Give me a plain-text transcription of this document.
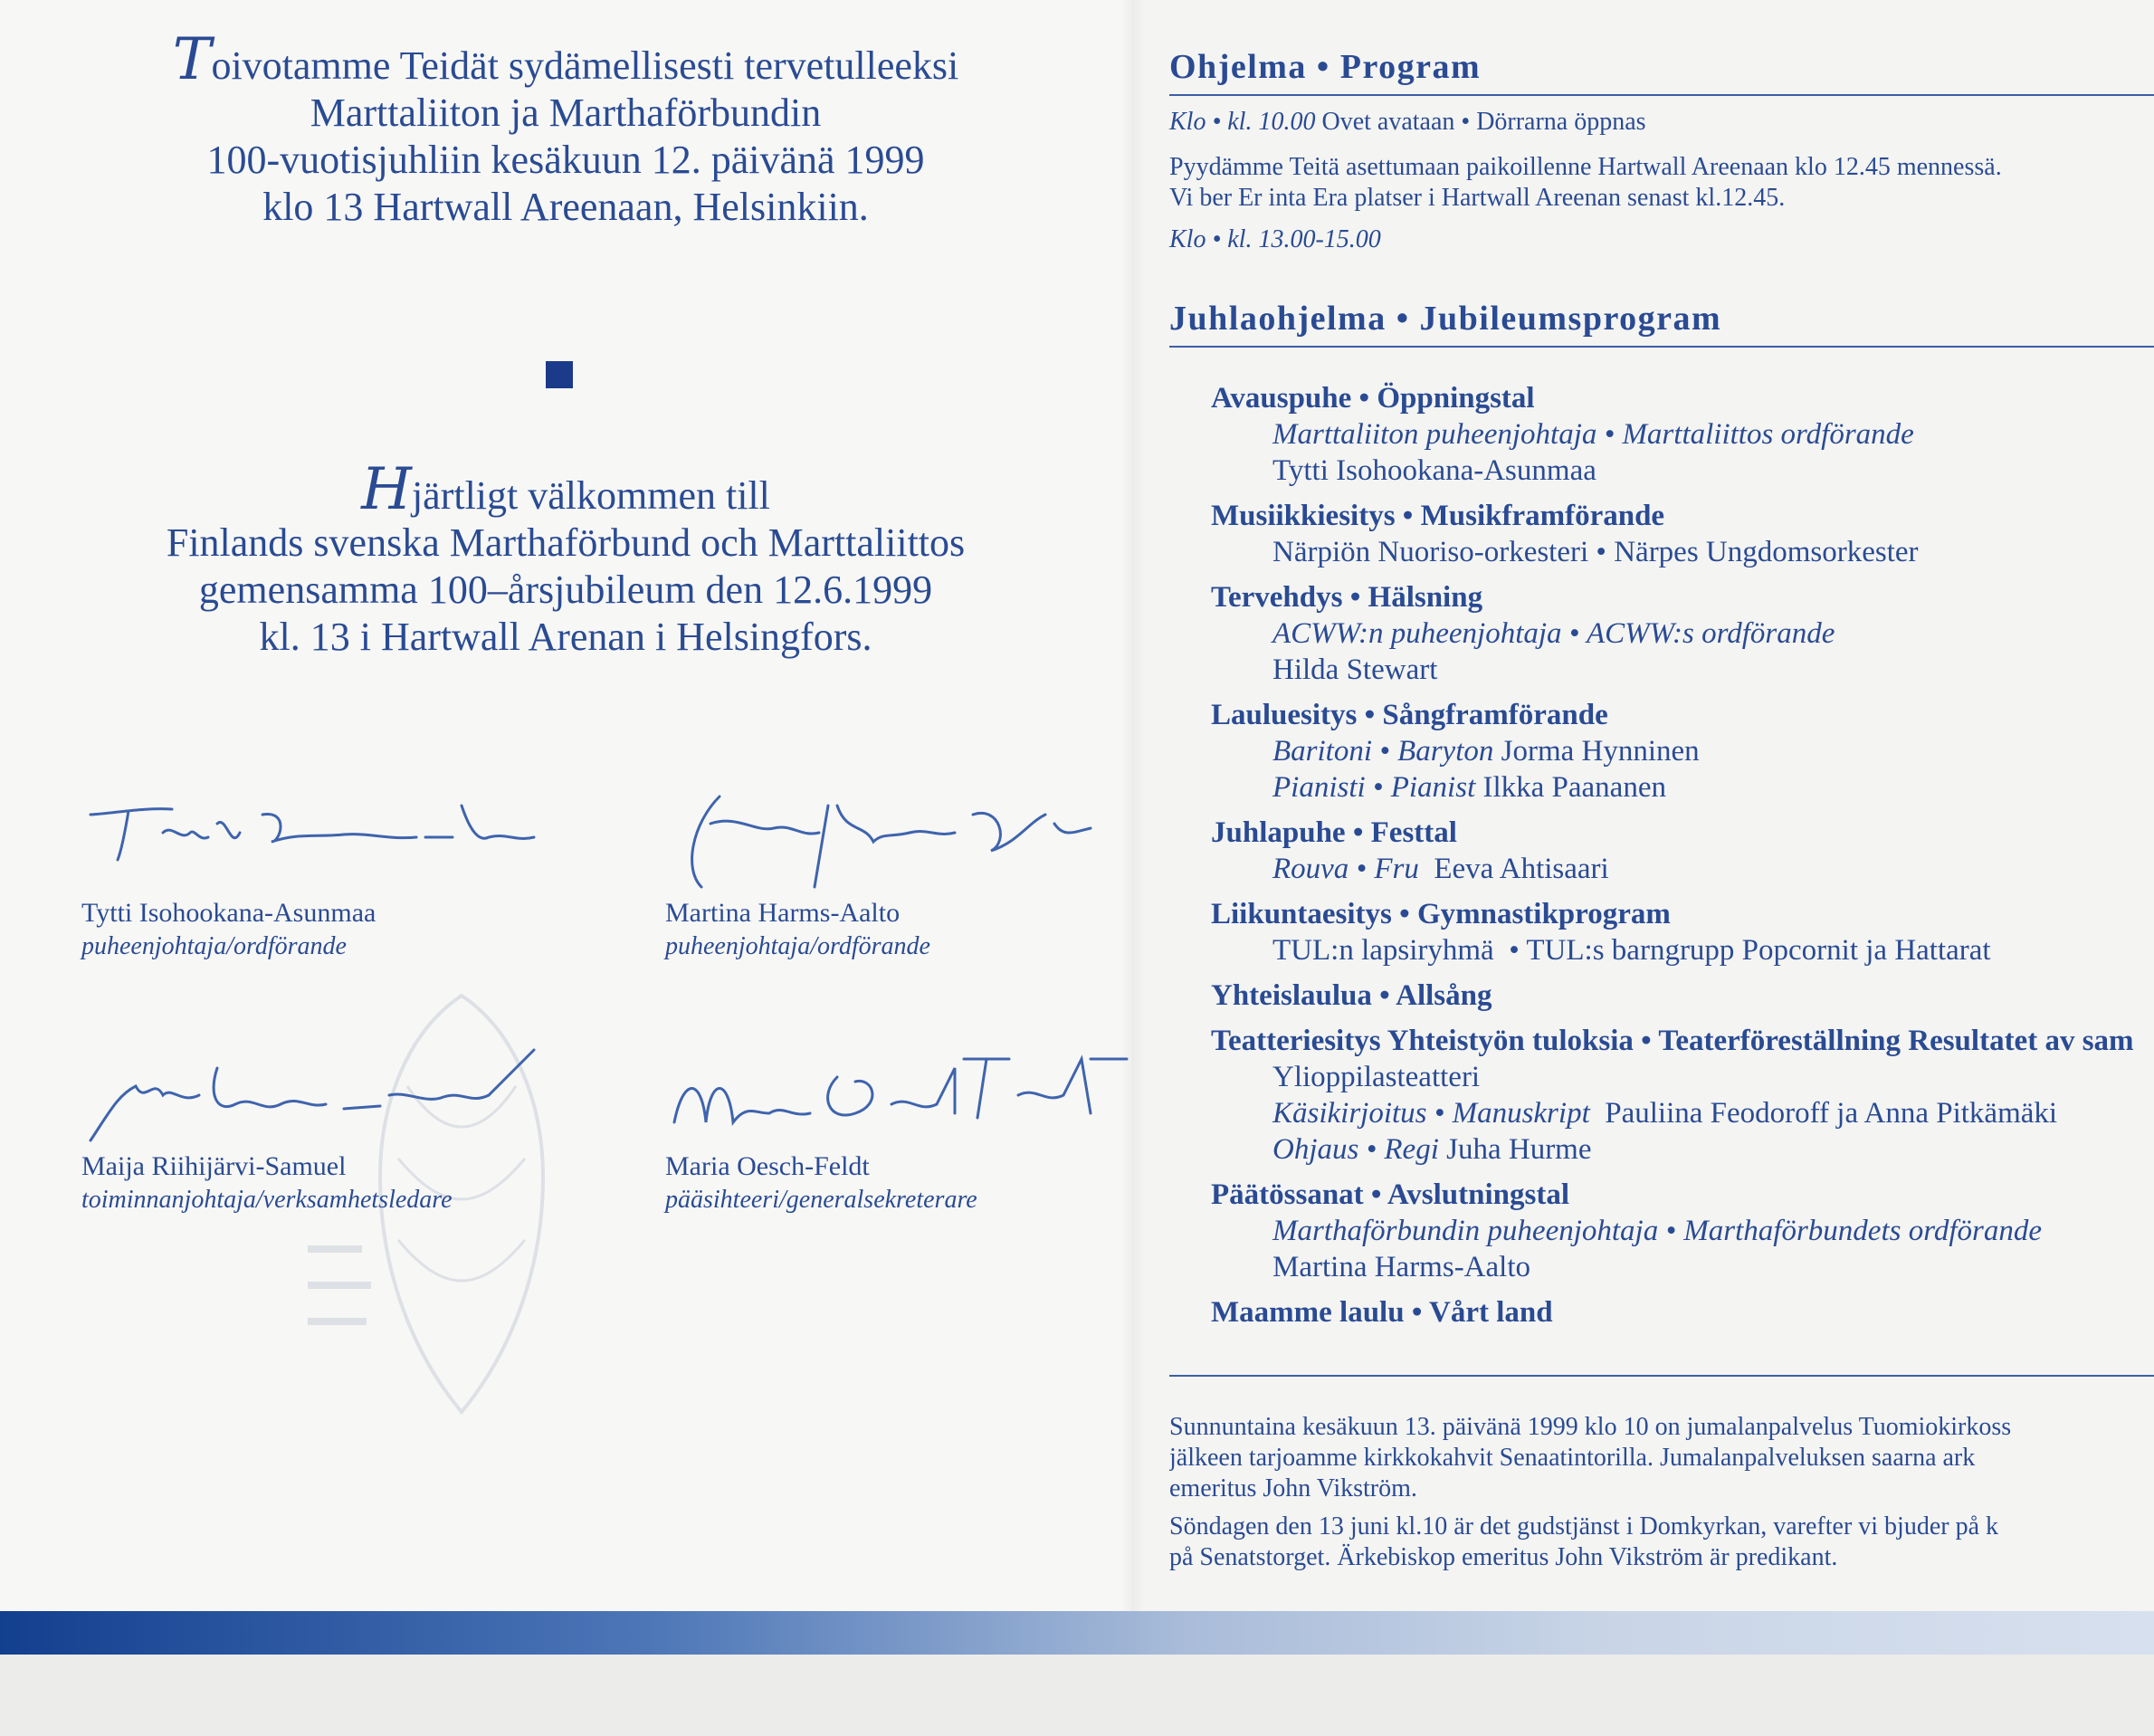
Toivotamme Teidät sydämellisesti tervetulleeksi
Marttaliiton ja Marthaförbundin
100-vuotisjuhliin kesäkuun 12. päivänä 1999
klo 13 Hartwall Areenaan, Helsinkiin.
Hjärtligt välkommen till
Finlands svenska Marthaförbund och Marttaliittos
gemensamma 100–årsjubileum den 12.6.1999
kl. 13 i Hartwall Arenan i Helsingfors.
Tytti Isohookana-Asunmaa
puheenjohtaja/ordförande
Martina Harms-Aalto
puheenjohtaja/ordförande
Maija Riihijärvi-Samuel
toiminnanjohtaja/verksamhetsledare
Maria Oesch-Feldt
pääsihteeri/generalsekreterare
Ohjelma • Program
Klo • kl. 10.00 Ovet avataan • Dörrarna öppnas
Pyydämme Teitä asettumaan paikoillenne Hartwall Areenaan klo 12.45 mennessä.
Vi ber Er inta Era platser i Hartwall Areenan senast kl.12.45.
Klo • kl. 13.00-15.00
Juhlaohjelma • Jubileumsprogram
Avauspuhe • Öppningstal
Marttaliiton puheenjohtaja • Marttaliittos ordförande
Tytti Isohookana-Asunmaa
Musiikkiesitys • Musikframförande
Närpiön Nuoriso-orkesteri • Närpes Ungdomsorkester
Tervehdys • Hälsning
ACWW:n puheenjohtaja • ACWW:s ordförande
Hilda Stewart
Lauluesitys • Sångframförande
Baritoni • Baryton Jorma Hynninen
Pianisti • Pianist Ilkka Paananen
Juhlapuhe • Festtal
Rouva • Fru  Eeva Ahtisaari
Liikuntaesitys • Gymnastikprogram
TUL:n lapsiryhmä  • TUL:s barngrupp Popcornit ja Hattarat
Yhteislaulua • Allsång
Teatteriesitys Yhteistyön tuloksia • Teaterföreställning Resultatet av sam
Ylioppilasteatteri
Käsikirjoitus • Manuskript  Pauliina Feodoroff ja Anna Pitkämäki
Ohjaus • Regi Juha Hurme
Päätössanat • Avslutningstal
Marthaförbundin puheenjohtaja • Marthaförbundets ordförande
Martina Harms-Aalto
Maamme laulu • Vårt land

Sunnuntaina kesäkuun 13. päivänä 1999 klo 10 on jumalanpalvelus Tuomiokirkoss

jälkeen tarjoamme kirkkokahvit Senaatintorilla. Jumalanpalveluksen saarna ark

emeritus John Vikström.

Söndagen den 13 juni kl.10 är det gudstjänst i Domkyrkan, varefter vi bjuder på k

på Senatstorget. Ärkebiskop emeritus John Vikström är predikant.
